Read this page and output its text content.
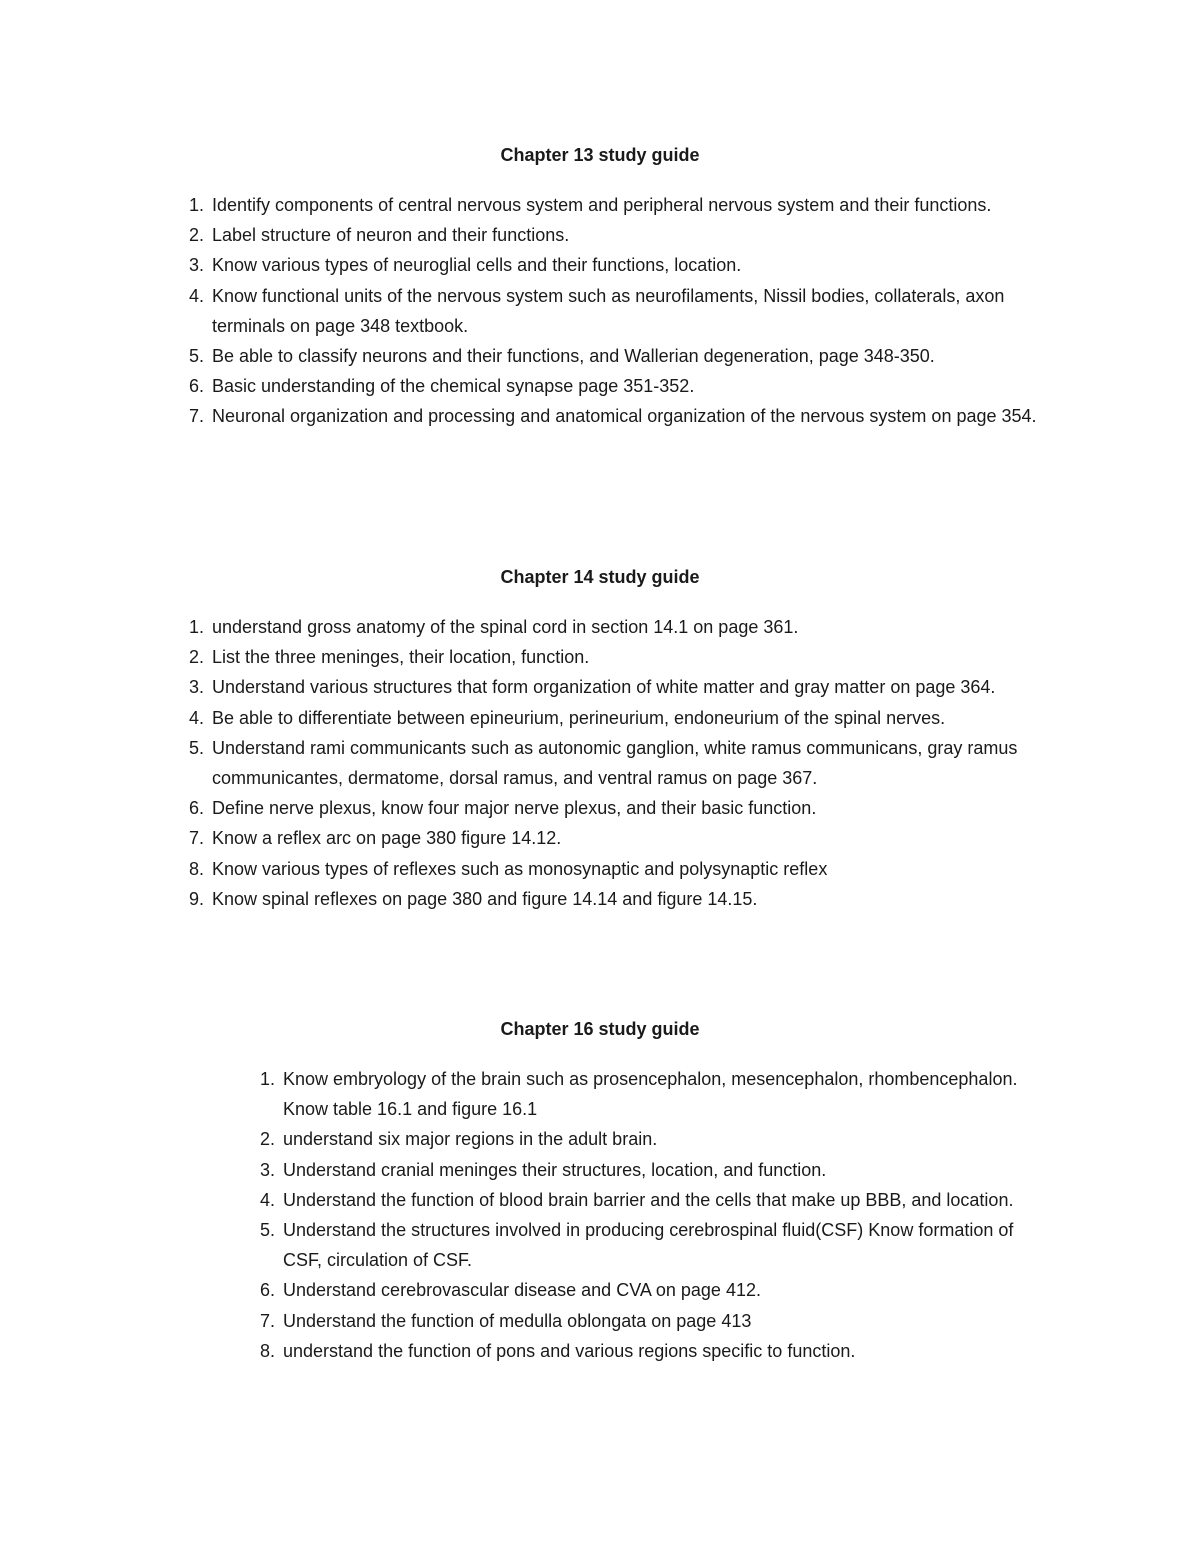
Chapter 13 study guide
1. Identify components of central nervous system and peripheral nervous system and their functions.
2. Label structure of neuron and their functions.
3. Know various types of neuroglial cells and their functions, location.
4. Know functional units of the nervous system such as neurofilaments, Nissil bodies, collaterals, axon terminals on page 348 textbook.
5. Be able to classify neurons and their functions, and Wallerian degeneration, page 348-350.
6. Basic understanding of the chemical synapse page 351-352.
7. Neuronal organization and processing and anatomical organization of the nervous system on page 354.
Chapter 14 study guide
1. understand gross anatomy of the spinal cord in section 14.1 on page 361.
2. List the three meninges, their location, function.
3. Understand various structures that form organization of white matter and gray matter on page 364.
4. Be able to differentiate between epineurium, perineurium, endoneurium of the spinal nerves.
5. Understand rami communicants such as autonomic ganglion, white ramus communicans, gray ramus communicantes, dermatome, dorsal ramus, and ventral ramus on page 367.
6. Define nerve plexus, know four major nerve plexus, and their basic function.
7. Know a reflex arc on page 380 figure 14.12.
8. Know various types of reflexes such as monosynaptic and polysynaptic reflex
9. Know spinal reflexes on page 380 and figure 14.14 and figure 14.15.
Chapter 16 study guide
1. Know embryology of the brain such as prosencephalon, mesencephalon, rhombencephalon. Know table 16.1 and figure 16.1
2. understand six major regions in the adult brain.
3. Understand cranial meninges their structures, location, and function.
4. Understand the function of blood brain barrier and the cells that make up BBB, and location.
5. Understand the structures involved in producing cerebrospinal fluid(CSF) Know formation of CSF, circulation of CSF.
6. Understand cerebrovascular disease and CVA on page 412.
7. Understand the function of medulla oblongata on page 413
8. understand the function of pons and various regions specific to function.
